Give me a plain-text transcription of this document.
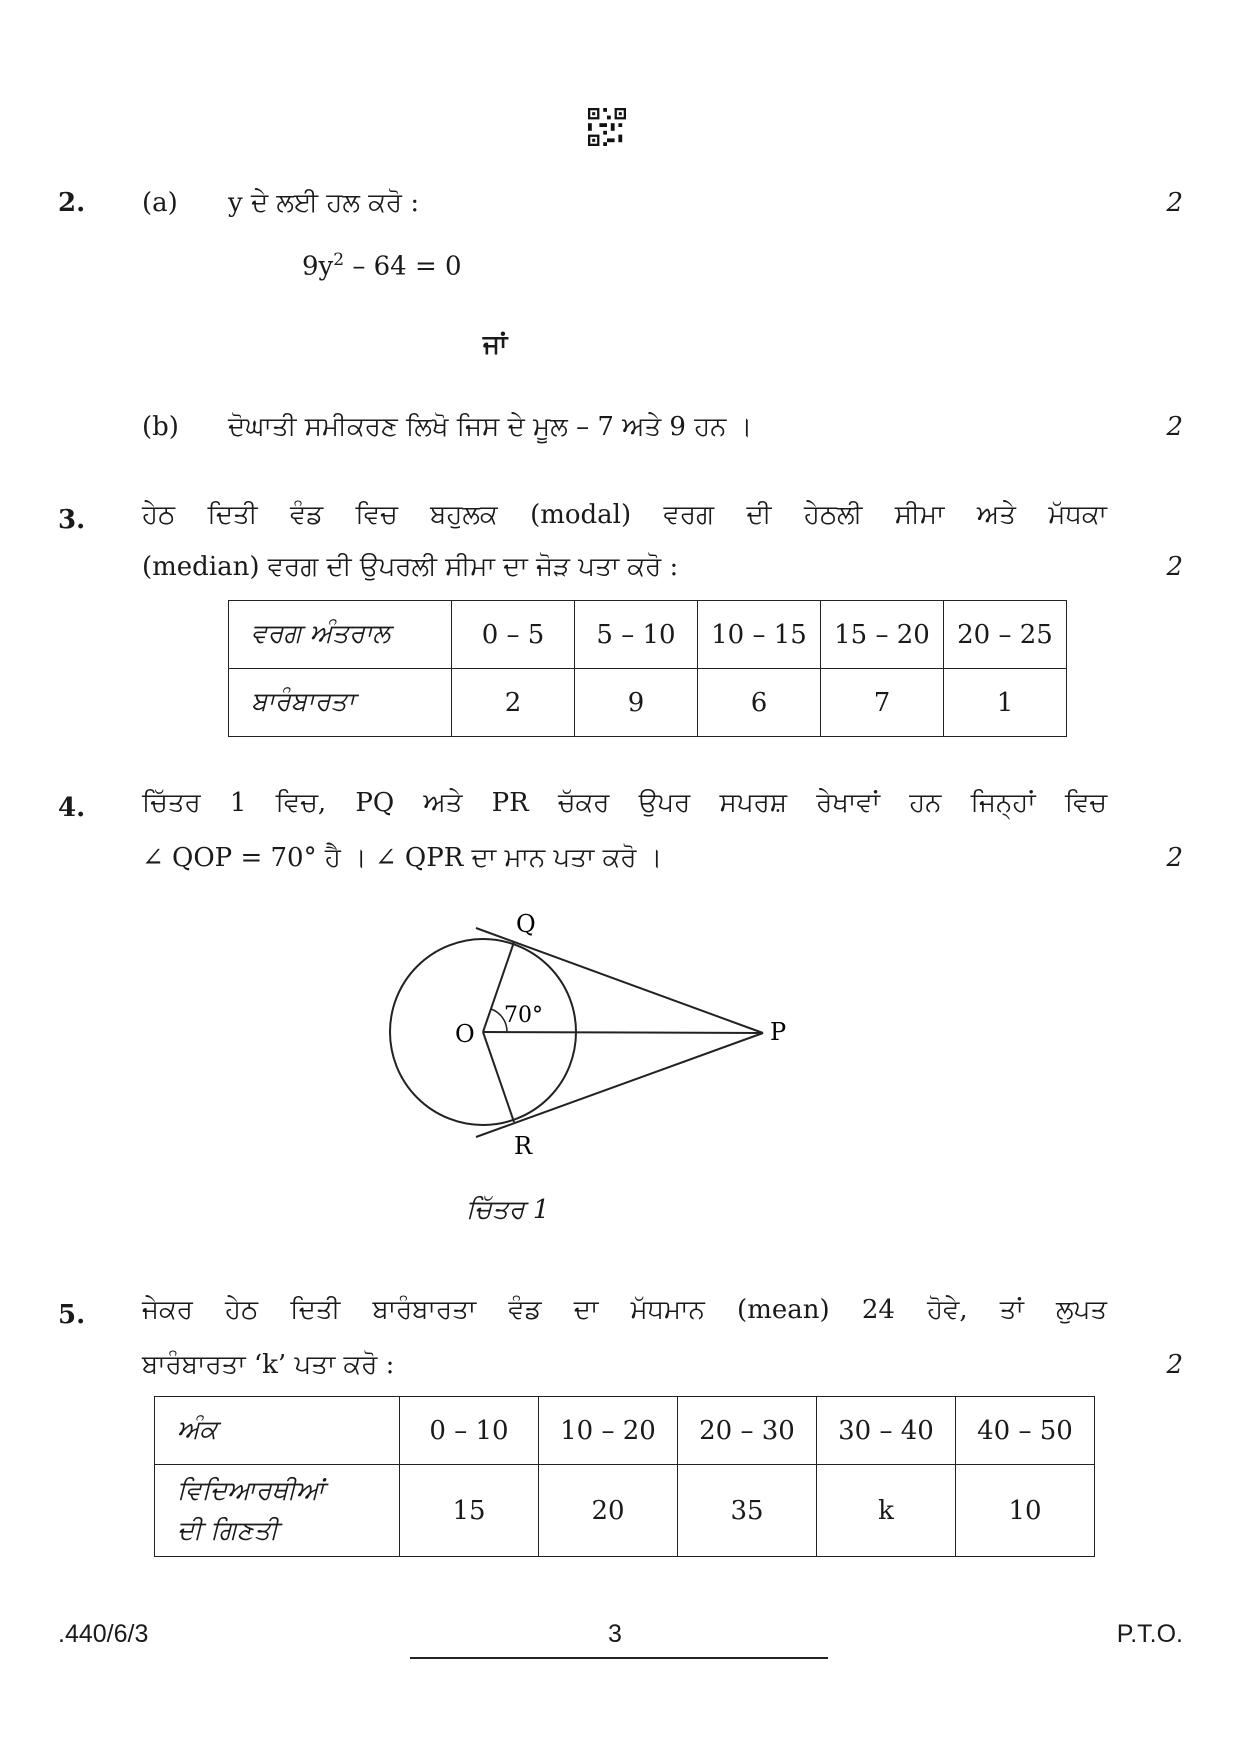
2. (a) y ਦੇ ਲਈ ਹਲ ਕਰੋ :	2
$9y^2 - 64 = 0$
ਜਾਂ
(b) ਦੋਘਾਤੀ ਸਮੀਕਰਣ ਲਿਖੋ ਜਿਸ ਦੇ ਮੂਲ – 7 ਅਤੇ 9 ਹਨ ।	2
3. ਹੇਠ ਦਿਤੀ ਵੰਡ ਵਿਚ ਬਹੁਲਕ (modal) ਵਰਗ ਦੀ ਹੇਠਲੀ ਸੀਮਾ ਅਤੇ ਮੱਧਕਾ
(median) ਵਰਗ ਦੀ ਉਪਰਲੀ ਸੀਮਾ ਦਾ ਜੋੜ ਪਤਾ ਕਰੋ :	2
ਵਰਗ ਅੰਤਰਾਲ	0 – 5	5 – 10	10 – 15	15 – 20	20 – 25
ਬਾਰੰਬਾਰਤਾ	2	9	6	7	1
4. ਚਿੱਤਰ 1 ਵਿਚ, PQ ਅਤੇ PR ਚੱਕਰ ਉਪਰ ਸਪਰਸ਼ ਰੇਖਾਵਾਂ ਹਨ ਜਿਨ੍ਹਾਂ ਵਿਚ
∠ QOP = 70° ਹੈ । ∠ QPR ਦਾ ਮਾਨ ਪਤਾ ਕਰੋ ।	2
Q
O	P
R
70°
ਚਿੱਤਰ 1
5. ਜੇਕਰ ਹੇਠ ਦਿਤੀ ਬਾਰੰਬਾਰਤਾ ਵੰਡ ਦਾ ਮੱਧਮਾਨ (mean) 24 ਹੋਵੇ, ਤਾਂ ਲੁਪਤ
ਬਾਰੰਬਾਰਤਾ ‘k’ ਪਤਾ ਕਰੋ :	2
ਅੰਕ	0 – 10	10 – 20	20 – 30	30 – 40	40 – 50

ਵਿਦਿਆਰਥੀਆਂ
ਦੀ ਗਿਣਤੀ	15	20	35	k	10
.440/6/3	3	P.T.O.
